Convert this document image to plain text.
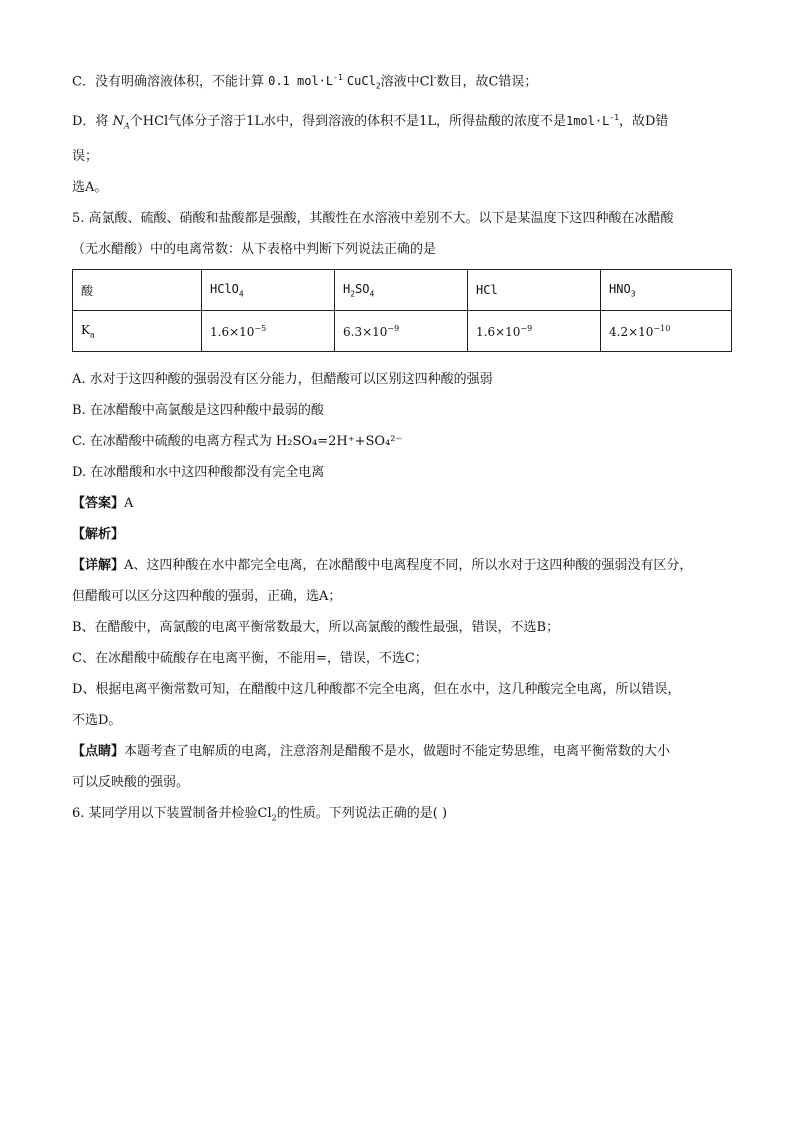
C．没有明确溶液体积，不能计算 0.1 $mol\cdot L^{-1}$ CuCl$_2$溶液中Cl-数目，故C错误；
D．将 $N_A$个HCl气体分子溶于1L水中，得到溶液的体积不是1L，所得盐酸的浓度不是$1mol\cdot L^{-1}$，故D错
误；
选A。
5. 高氯酸、硫酸、硝酸和盐酸都是强酸，其酸性在水溶液中差别不大。以下是某温度下这四种酸在冰醋酸
（无水醋酸）中的电离常数：从下表格中判断下列说法正确的是
酸	HClO$_4$	$H_2SO_4$	HCl	$HNO_3$
$K_a$	$1.6\times 10^{-5}$	$6.3\times 10^{-9}$	$1.6\times 10^{-9}$	$4.2\times 10^{-10}$
A. 水对于这四种酸的强弱没有区分能力，但醋酸可以区别这四种酸的强弱
B. 在冰醋酸中高氯酸是这四种酸中最弱的酸
C. 在冰醋酸中硫酸的电离方程式为 H₂SO₄=2H⁺+SO₄²⁻
D. 在冰醋酸和水中这四种酸都没有完全电离
【答案】A
【解析】
【详解】A、这四种酸在水中都完全电离，在冰醋酸中电离程度不同，所以水对于这四种酸的强弱没有区分，
但醋酸可以区分这四种酸的强弱，正确，选A；
B、在醋酸中，高氯酸的电离平衡常数最大，所以高氯酸的酸性最强，错误，不选B；
C、在冰醋酸中硫酸存在电离平衡，不能用=，错误，不选C；
D、根据电离平衡常数可知，在醋酸中这几种酸都不完全电离，但在水中，这几种酸完全电离，所以错误，
不选D。
【点睛】本题考查了电解质的电离，注意溶剂是醋酸不是水，做题时不能定势思维，电离平衡常数的大小
可以反映酸的强弱。
6. 某同学用以下装置制备并检验$Cl_2$的性质。下列说法正确的是( )
